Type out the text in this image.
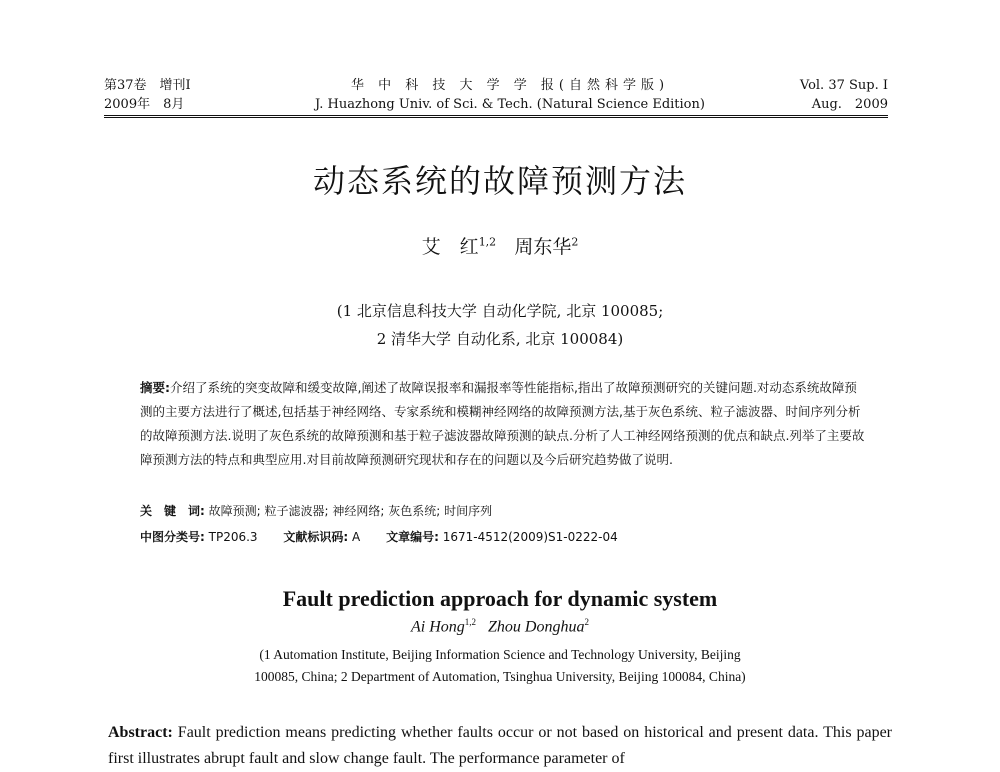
第37卷　增刊Ⅰ
2009年　8月
华 中 科 技 大 学 学 报(自然科学版)
J. Huazhong Univ. of Sci. & Tech. (Natural Science Edition)
Vol. 37 Sup. Ⅰ
Aug.　2009
动态系统的故障预测方法
艾　红$^{1,2}$ 周东华$^2$
(1 北京信息科技大学 自动化学院, 北京 100085;
2 清华大学 自动化系, 北京 100084)
摘要:介绍了系统的突变故障和缓变故障,阐述了故障误报率和漏报率等性能指标,指出了故障预测研究的关键问题.对动态系统故障预测的主要方法进行了概述,包括基于神经网络、专家系统和模糊神经网络的故障预测方法,基于灰色系统、粒子滤波器、时间序列分析的故障预测方法.说明了灰色系统的故障预测和基于粒子滤波器故障预测的缺点.分析了人工神经网络预测的优点和缺点.列举了主要故障预测方法的特点和典型应用.对目前故障预测研究现状和存在的问题以及今后研究趋势做了说明.
关　键　词: 故障预测; 粒子滤波器; 神经网络; 灰色系统; 时间序列
中图分类号: TP206.3 文献标识码: A 文章编号: 1671-4512(2009)S1-0222-04
Fault prediction approach for dynamic system
Ai Hong$^{1,2}$ Zhou Donghua$^2$
(1 Automation Institute, Beijing Information Science and Technology University, Beijing
100085, China; 2 Department of Automation, Tsinghua University, Beijing 100084, China)
Abstract: Fault prediction means predicting whether faults occur or not based on historical and present data. This paper first illustrates abrupt fault and slow change fault. The performance parameter of
